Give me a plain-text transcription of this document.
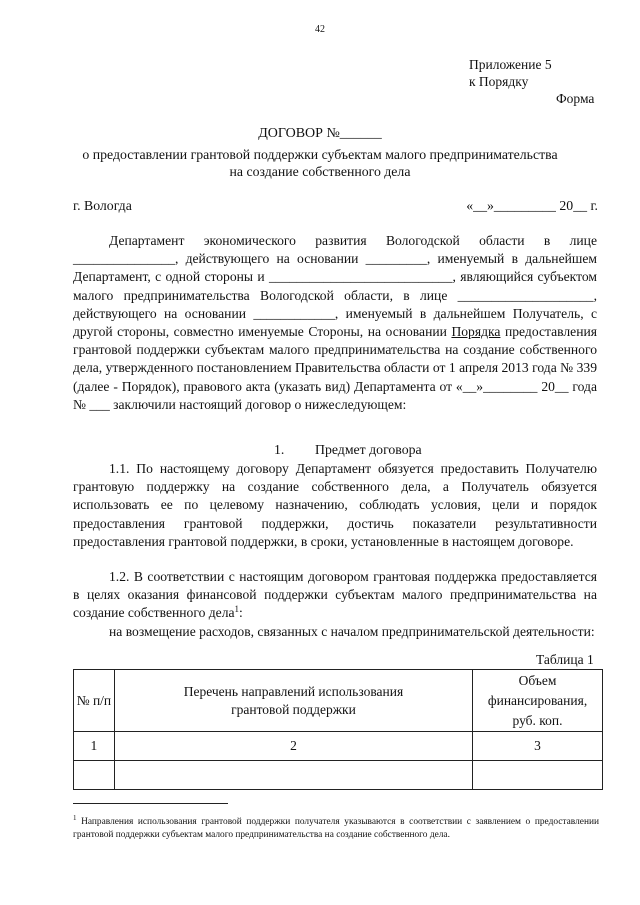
42
Приложение 5
к Порядку
Форма
ДОГОВОР №______
о предоставлении грантовой поддержки субъектам малого предпринимательства
на создание собственного дела
г. Вологда	«__»_________ 20__ г.

Департамент экономического развития Вологодской области в лице _______________, действующего на основании _________, именуемый в дальнейшем Департамент, с одной стороны и ___________________________, являющийся субъектом малого предпринимательства Вологодской области, в лице ____________________, действующего на основании ____________, именуемый в дальнейшем Получатель, с другой стороны, совместно именуемые Стороны, на основании Порядка предоставления грантовой поддержки субъектам малого предпринимательства на создание собственного дела, утвержденного постановлением Правительства области от 1 апреля 2013 года № 339 (далее - Порядок), правового акта (указать вид) Департамента от «__»________ 20__ года № ___ заключили настоящий договор о нижеследующем:

1. Предмет договора

1.1. По настоящему договору Департамент обязуется предоставить Получателю грантовую поддержку на создание собственного дела, а Получатель обязуется использовать ее по целевому назначению, соблюдать условия, цели и порядок предоставления грантовой поддержки, достичь показатели результативности предоставления грантовой поддержки, в сроки, установленные в настоящем договоре.

1.2. В соответствии с настоящим договором грантовая поддержка предоставляется в целях оказания финансовой поддержки субъектам малого предпринимательства на создание собственного дела$^1$:

на возмещение расходов, связанных с началом предпринимательской деятельности:

Таблица 1
№ п/п	Перечень направлений использования грантовой поддержки	Объем финансирования, руб. коп.
1	2	3

$^1$ Направления использования грантовой поддержки получателя указываются в соответствии с заявлением о предоставлении грантовой поддержки субъектам малого предпринимательства на создание собственного дела.
